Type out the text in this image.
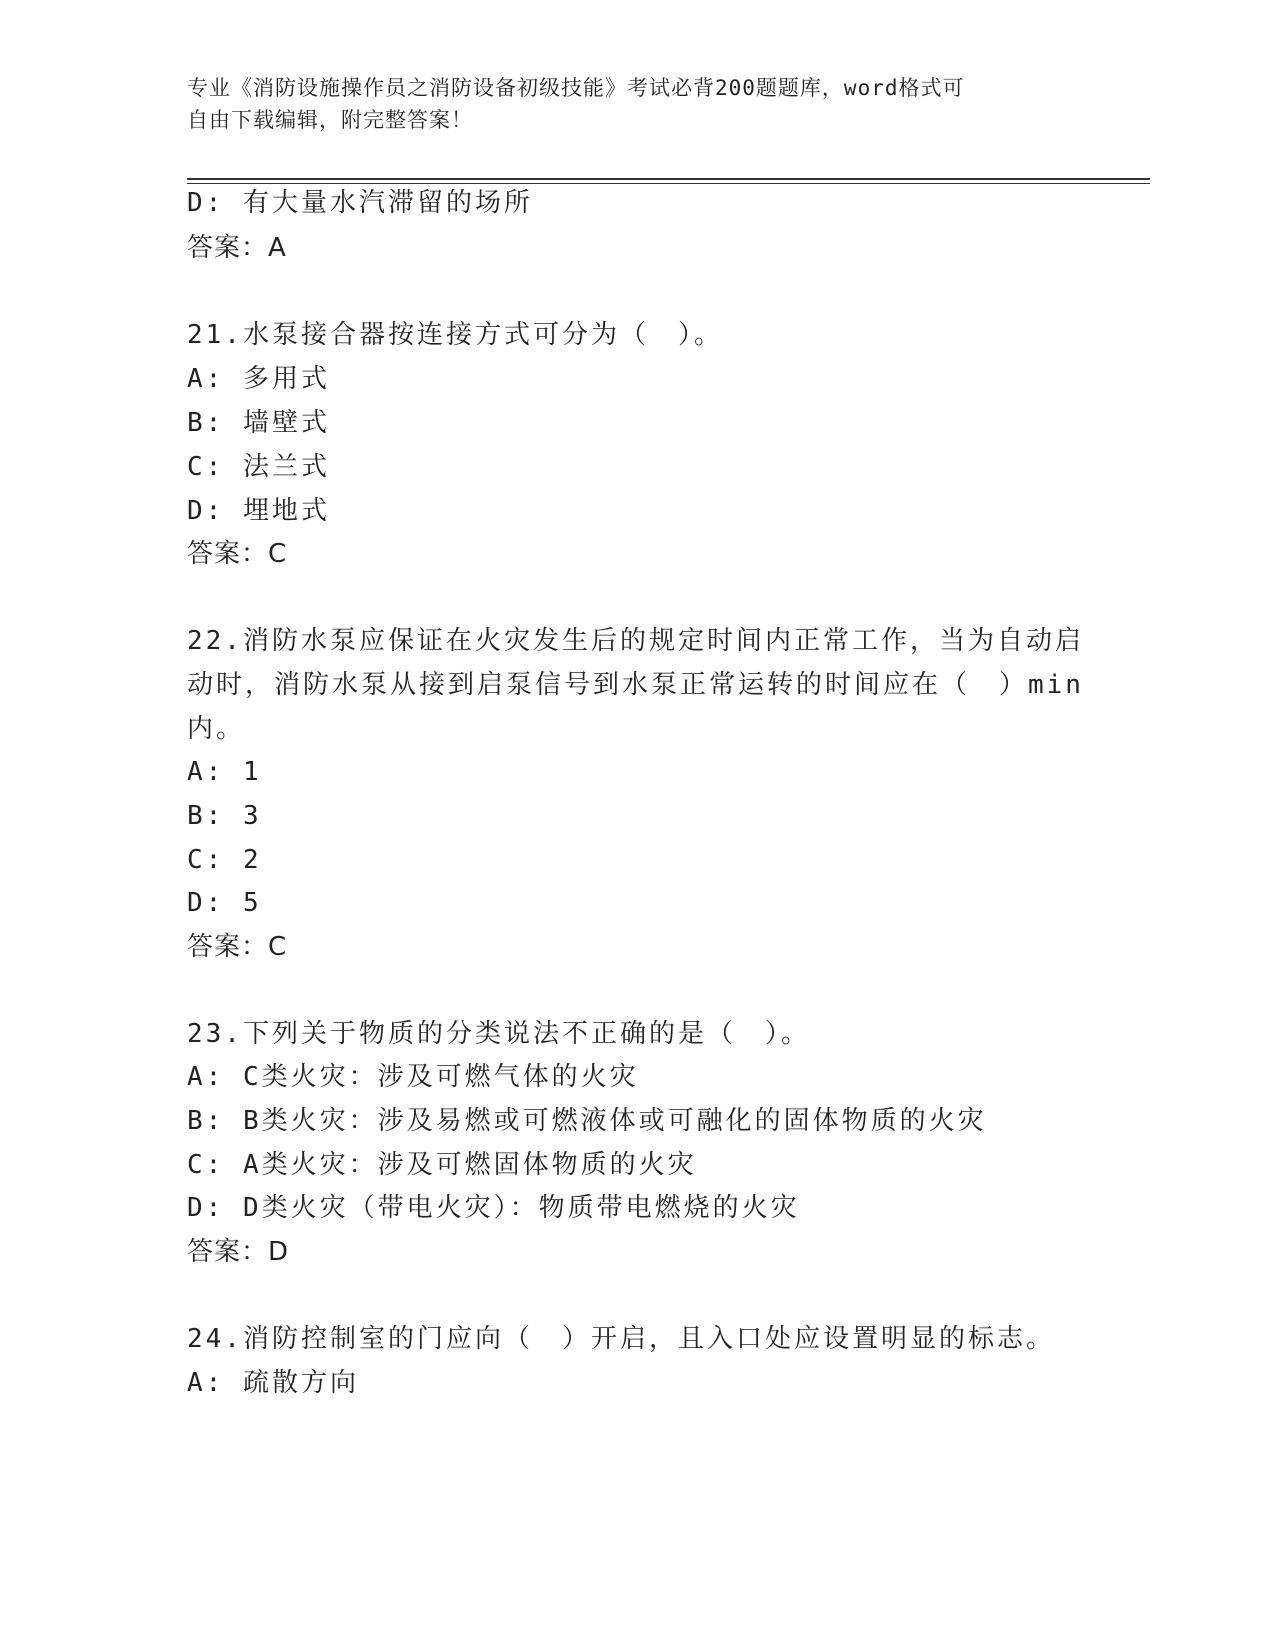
专业《消防设施操作员之消防设备初级技能》考试必背200题题库，word格式可
自由下载编辑，附完整答案！
D: 有大量水汽滞留的场所
答案：A
21.水泵接合器按连接方式可分为（　）。
A: 多用式
B: 墙壁式
C: 法兰式
D: 埋地式
答案：C
22.消防水泵应保证在火灾发生后的规定时间内正常工作，当为自动启
动时，消防水泵从接到启泵信号到水泵正常运转的时间应在（　）min
内。
A: 1
B: 3
C: 2
D: 5
答案：C
23.下列关于物质的分类说法不正确的是（　）。
A: C类火灾：涉及可燃气体的火灾
B: B类火灾：涉及易燃或可燃液体或可融化的固体物质的火灾
C: A类火灾：涉及可燃固体物质的火灾
D: D类火灾（带电火灾）：物质带电燃烧的火灾
答案：D
24.消防控制室的门应向（　）开启，且入口处应设置明显的标志。
A: 疏散方向
